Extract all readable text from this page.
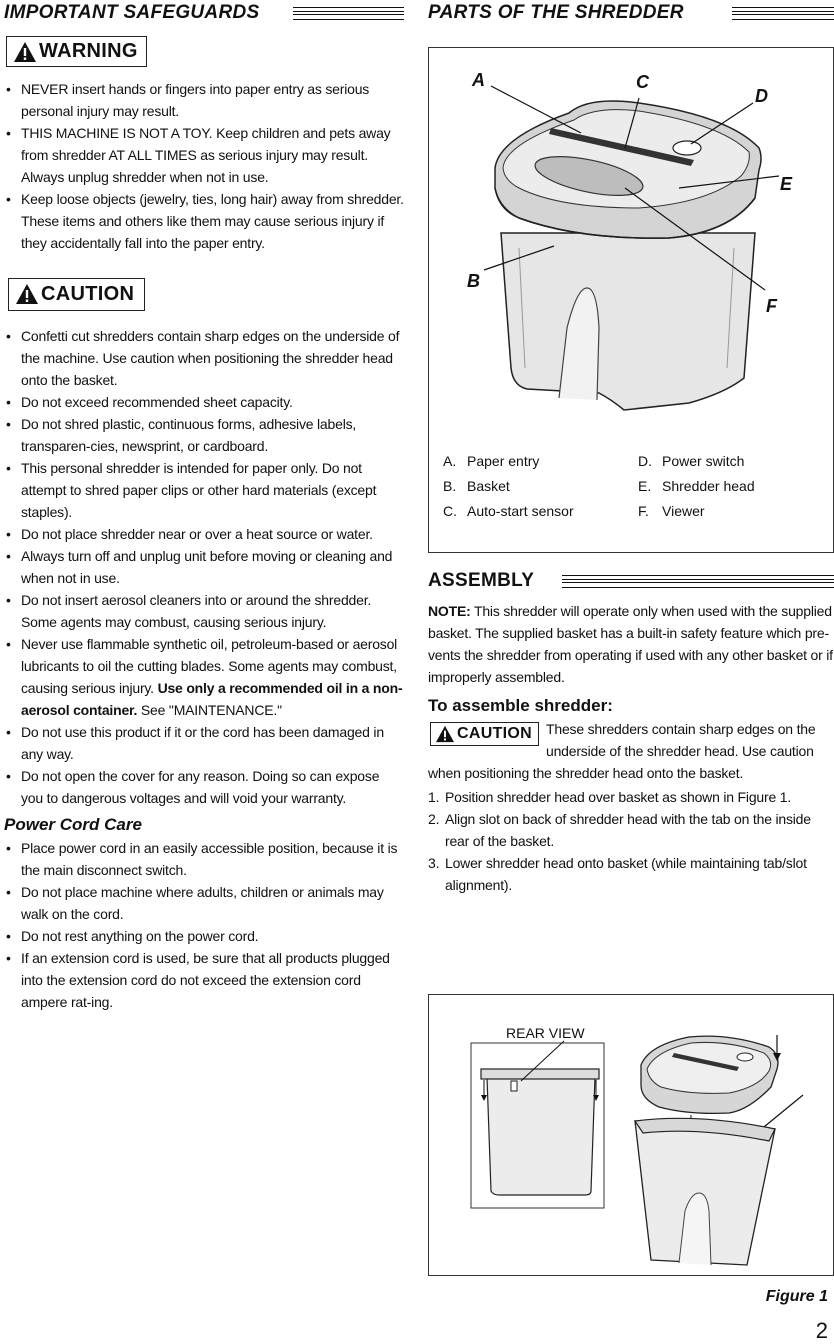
IMPORTANT SAFEGUARDS
WARNING
• NEVER insert hands or fingers into paper entry as serious personal injury may result.
• THIS MACHINE IS NOT A TOY. Keep children and pets away from shredder AT ALL TIMES as serious injury may result. Always unplug shredder when not in use.
• Keep loose objects (jewelry, ties, long hair) away from shredder. These items and others like them may cause serious injury if they accidentally fall into the paper entry.
CAUTION
• Confetti cut shredders contain sharp edges on the underside of the machine. Use caution when positioning the shredder head onto the basket.
• Do not exceed recommended sheet capacity.
• Do not shred plastic, continuous forms, adhesive labels, transparen-cies, newsprint, or cardboard.
• This personal shredder is intended for paper only. Do not attempt to shred paper clips or other hard materials (except staples).
• Do not place shredder near or over a heat source or water.
• Always turn off and unplug unit before moving or cleaning and when not in use.
• Do not insert aerosol cleaners into or around the shredder. Some agents may combust, causing serious injury.
• Never use flammable synthetic oil, petroleum-based or aerosol lubricants to oil the cutting blades. Some agents may combust, causing serious injury. Use only a recommended oil in a non-aerosol container. See "MAINTENANCE."
• Do not use this product if it or the cord has been damaged in any way.
• Do not open the cover for any reason. Doing so can expose you to dangerous voltages and will void your warranty.
Power Cord Care
• Place power cord in an easily accessible position, because it is the main disconnect switch.
• Do not place machine where adults, children or animals may walk on the cord.
• Do not rest anything on the power cord.
• If an extension cord is used, be sure that all products plugged into the extension cord do not exceed the extension cord ampere rat-ing.
PARTS OF THE SHREDDER
A
B
C
D
E
F
A. Paper entry
B. Basket
C. Auto-start sensor
D. Power switch
E. Shredder head
F. Viewer
ASSEMBLY
NOTE: This shredder will operate only when used with the supplied basket. The supplied basket has a built-in safety feature which pre-vents the shredder from operating if used with any other basket or if improperly assembled.
To assemble shredder:
CAUTION These shredders contain sharp edges on the underside of the shredder head. Use caution
when positioning the shredder head onto the basket.
1. Position shredder head over basket as shown in Figure 1.
2. Align slot on back of shredder head with the tab on the inside rear of the basket.
3. Lower shredder head onto basket (while maintaining tab/slot alignment).
REAR VIEW
Figure 1
2
